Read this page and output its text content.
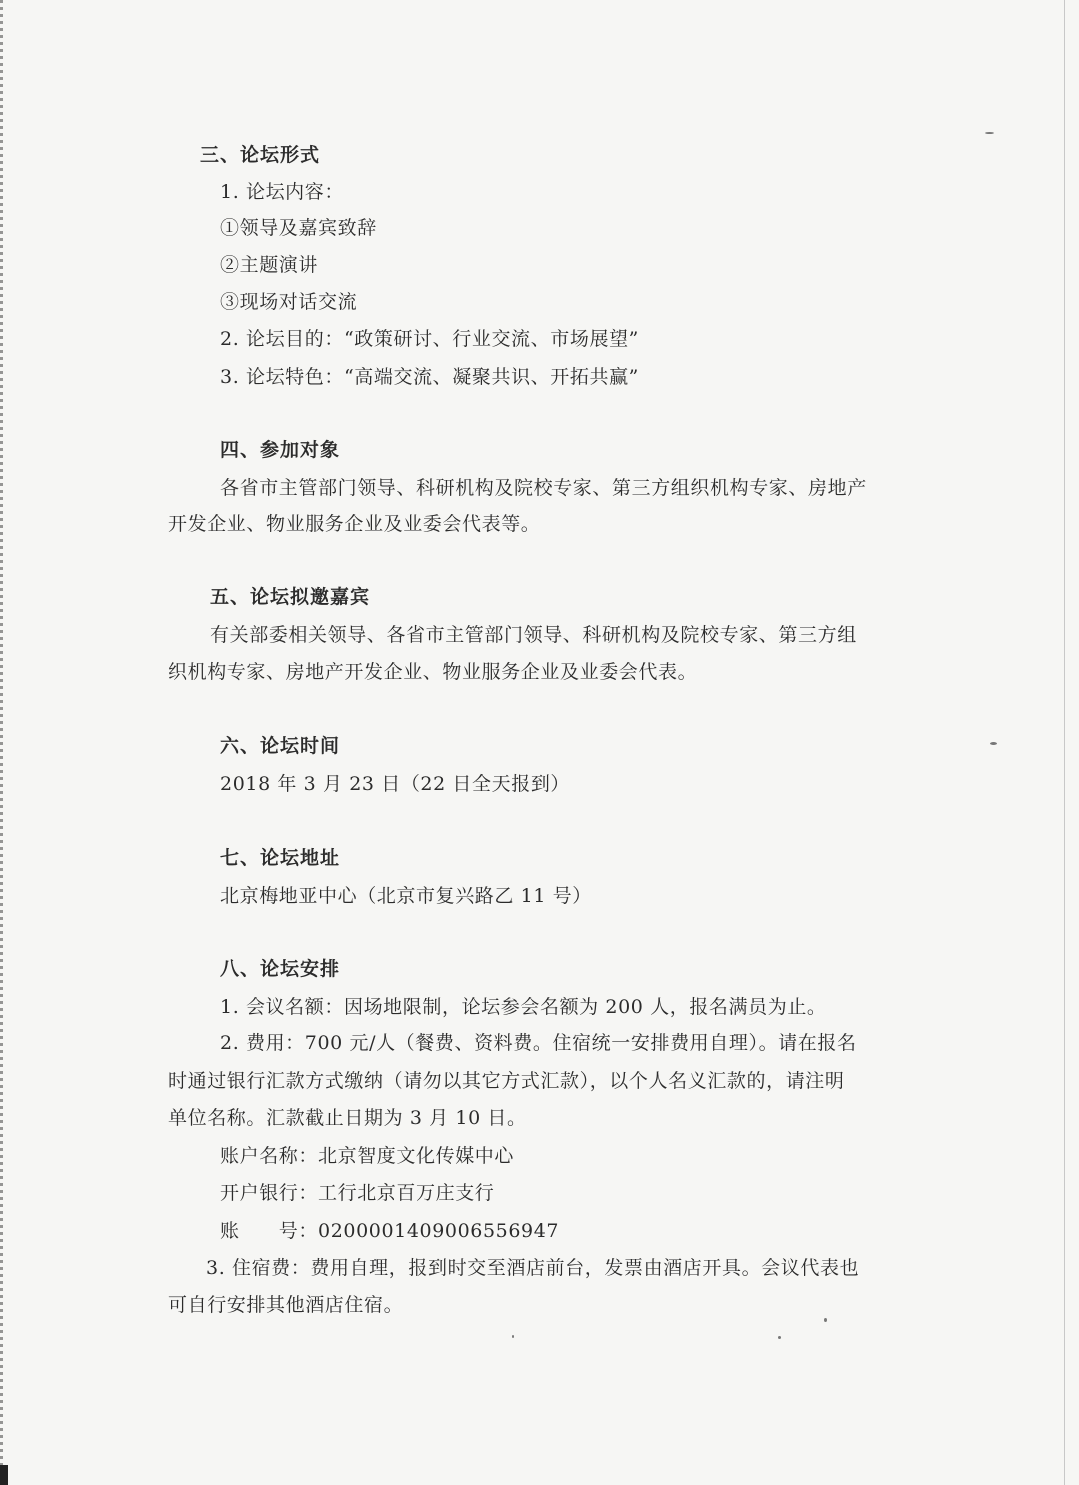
三、论坛形式
1. 论坛内容：
①领导及嘉宾致辞
②主题演讲
③现场对话交流
2. 论坛目的：“政策研讨、行业交流、市场展望”
3. 论坛特色：“高端交流、凝聚共识、开拓共赢”
四、参加对象
各省市主管部门领导、科研机构及院校专家、第三方组织机构专家、房地产
开发企业、物业服务企业及业委会代表等。
五、论坛拟邀嘉宾
有关部委相关领导、各省市主管部门领导、科研机构及院校专家、第三方组
织机构专家、房地产开发企业、物业服务企业及业委会代表。
六、论坛时间
2018 年 3 月 23 日（22 日全天报到）
七、论坛地址
北京梅地亚中心（北京市复兴路乙 11 号）
八、论坛安排
1. 会议名额：因场地限制，论坛参会名额为 200 人，报名满员为止。
2. 费用：700 元/人（餐费、资料费。住宿统一安排费用自理）。请在报名
时通过银行汇款方式缴纳（请勿以其它方式汇款），以个人名义汇款的，请注明
单位名称。汇款截止日期为 3 月 10 日。
账户名称：北京智度文化传媒中心
开户银行：工行北京百万庄支行
账　　号：0200001409006556947
3. 住宿费：费用自理，报到时交至酒店前台，发票由酒店开具。会议代表也
可自行安排其他酒店住宿。
